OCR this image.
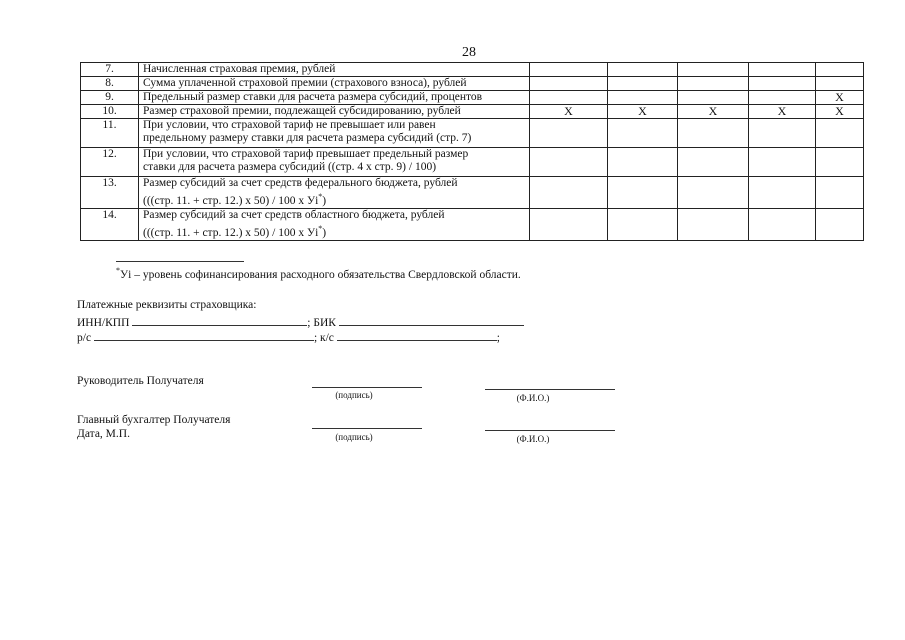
28
7.	Начисленная страховая премия, рублей					

8.	Сумма уплаченной страховой премии (страхового взноса), рублей					

9.	Предельный размер ставки для расчета размера субсидий, процентов					Х
10.	Размер страховой премии, подлежащей субсидированию, рублей	Х	Х	Х	Х	Х
11.	При условии, что страховой тариф не превышает или равен
предельному размеру ставки для расчета размера субсидий (стр. 7)					

12.	При условии, что страховой тариф превышает предельный размер
ставки для расчета размера субсидий ((стр. 4 х стр. 9) / 100)					

13.	Размер субсидий за счет средств федерального бюджета, рублей
(((стр. 11. + стр. 12.) х 50) / 100 х Уi*)					

14.	Размер субсидий за счет средств областного бюджета, рублей
(((стр. 11. + стр. 12.) х 50) / 100 х Уi*)					

*Уi – уровень софинансирования расходного обязательства Свердловской области.
Платежные реквизиты страховщика:
ИНН/КПП	; БИК
р/с	; к/с	;
Руководитель Получателя
(подпись)	(Ф.И.О.)
Главный бухгалтер Получателя
Дата, М.П.	(подпись)	(Ф.И.О.)
